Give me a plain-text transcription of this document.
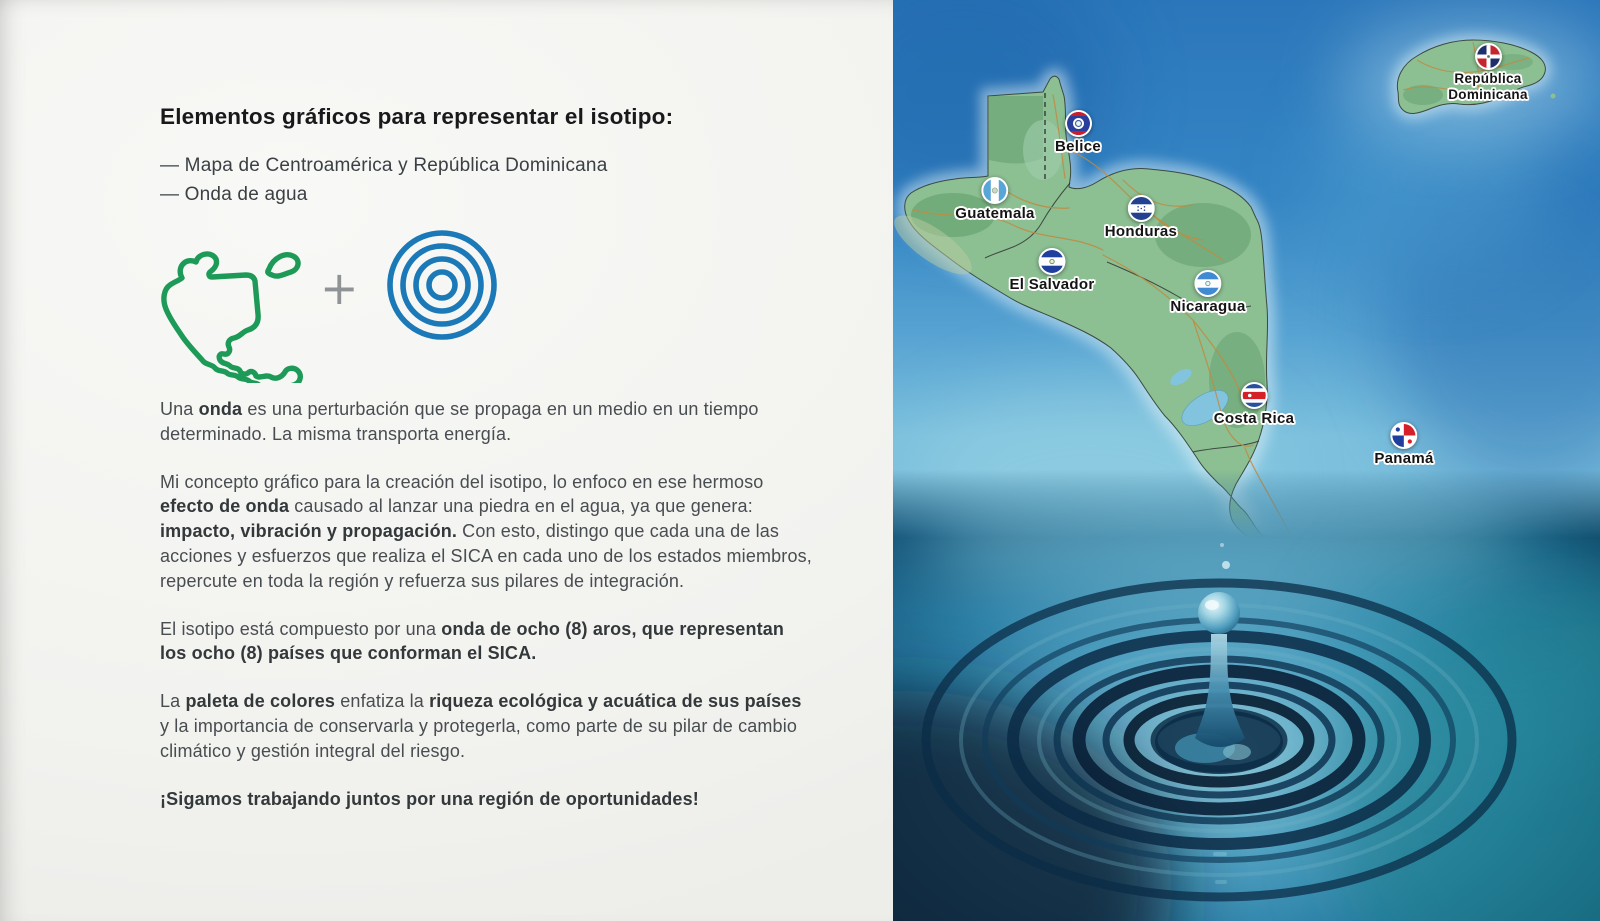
Elementos gráficos para representar el isotipo:
— Mapa de Centroamérica y República Dominicana
— Onda de agua
+

Una onda es una perturbación que se propaga en un medio en un tiempo determinado. La misma transporta energía.

Mi concepto gráfico para la creación del isotipo, lo enfoco en ese hermoso efecto de onda causado al lanzar una piedra en el agua, ya que genera: impacto, vibración y propagación. Con esto, distingo que cada una de las acciones y esfuerzos que realiza el SICA en cada uno de los estados miembros, repercute en toda la región y refuerza sus pilares de integración.

El isotipo está compuesto por una onda de ocho (8) aros, que representan los ocho (8) países que conforman el SICA.

La paleta de colores enfatiza la riqueza ecológica y acuática de sus países y la importancia de conservarla y protegerla, como parte de su pilar de cambio climático y gestión integral del riesgo.

¡Sigamos trabajando juntos por una región de oportunidades!

Belice
Guatemala
Honduras
El Salvador
Nicaragua
Costa Rica
Panamá
República Dominicana
